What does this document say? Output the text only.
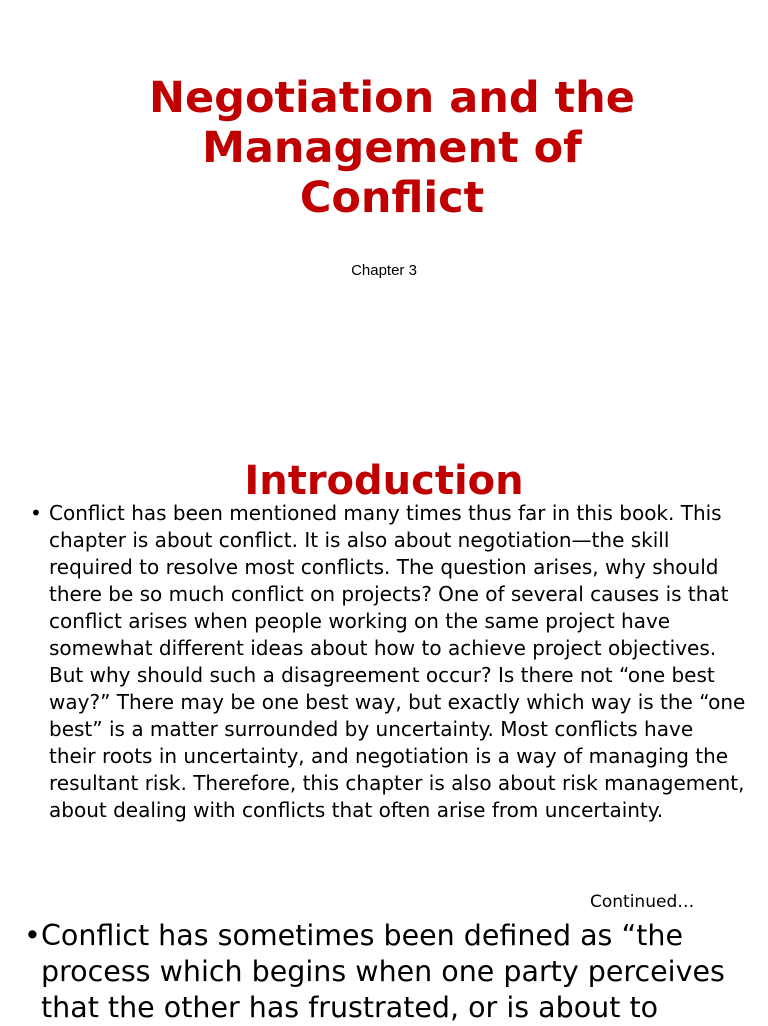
Negotiation and the
Management of
Conflict
Chapter 3
Introduction
• Conflict has been mentioned many times thus far in this book. This chapter is about conflict. It is also about negotiation—the skill required to resolve most conflicts. The question arises, why should there be so much conflict on projects? One of several causes is that conflict arises when people working on the same project have somewhat different ideas about how to achieve project objectives. But why should such a disagreement occur? Is there not “one best way?” There may be one best way, but exactly which way is the “one best” is a matter surrounded by uncertainty. Most conflicts have their roots in uncertainty, and negotiation is a way of managing the resultant risk. Therefore, this chapter is also about risk management, about dealing with conflicts that often arise from uncertainty.
Continued…
• Conflict has sometimes been defined as “the process which begins when one party perceives that the other has frustrated, or is about to
